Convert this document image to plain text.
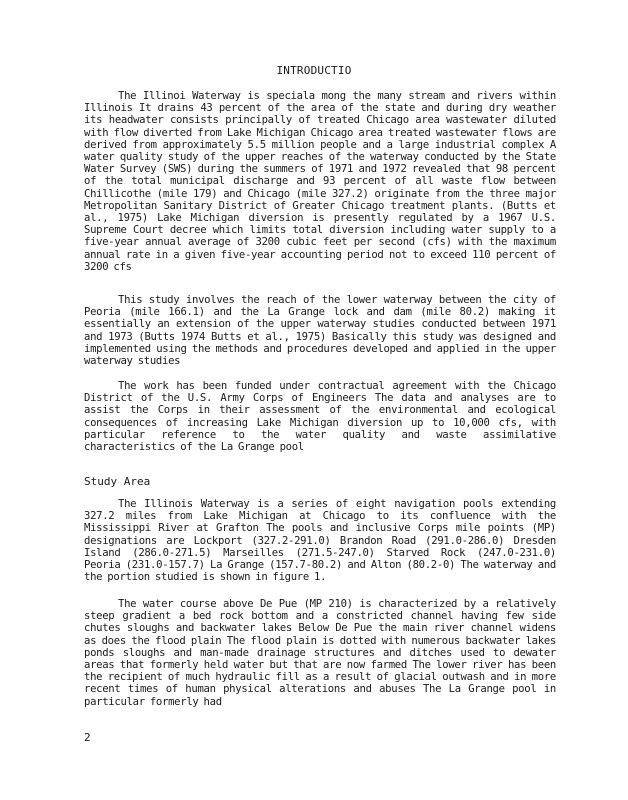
INTRODUCTIO

The Illinoi Waterway is speciala mong the many stream and rivers within Illinois It drains 43 percent of the area of the state and during dry weather its headwater consists principally of treated Chicago area wastewater diluted with flow diverted from Lake Michigan Chicago area treated wastewater flows are derived from approximately 5.5 million people and a large industrial complex A water quality study of the upper reaches of the waterway conducted by the State Water Survey (SWS) during the summers of 1971 and 1972 revealed that 98 percent of the total municipal discharge and 93 percent of all waste flow between Chillicothe (mile 179) and Chicago (mile 327.2) originate from the three major Metropolitan Sanitary District of Greater Chicago treatment plants. (Butts et al., 1975) Lake Michigan diversion is presently regulated by a 1967 U.S. Supreme Court decree which limits total diversion including water supply to a five-year annual average of 3200 cubic feet per second (cfs) with the maximum annual rate in a given five-year accounting period not to exceed 110 percent of 3200 cfs

This study involves the reach of the lower waterway between the city of Peoria (mile 166.1) and the La Grange lock and dam (mile 80.2) making it essentially an extension of the upper waterway studies conducted between 1971 and 1973 (Butts 1974 Butts et al., 1975) Basically this study was designed and implemented using the methods and procedures developed and applied in the upper waterway studies

The work has been funded under contractual agreement with the Chicago District of the U.S. Army Corps of Engineers The data and analyses are to assist the Corps in their assessment of the environmental and ecological consequences of increasing Lake Michigan diversion up to 10,000 cfs, with particular reference to the water quality and waste assimilative characteristics of the La Grange pool

Study Area

The Illinois Waterway is a series of eight navigation pools extending 327.2 miles from Lake Michigan at Chicago to its confluence with the Mississippi River at Grafton The pools and inclusive Corps mile points (MP) designations are Lockport (327.2-291.0) Brandon Road (291.0-286.0) Dresden Island (286.0-271.5) Marseilles (271.5-247.0) Starved Rock (247.0-231.0) Peoria (231.0-157.7) La Grange (157.7-80.2) and Alton (80.2-0) The waterway and the portion studied is shown in figure 1.

The water course above De Pue (MP 210) is characterized by a relatively steep gradient a bed rock bottom and a constricted channel having few side chutes sloughs and backwater lakes Below De Pue the main river channel widens as does the flood plain The flood plain is dotted with numerous backwater lakes ponds sloughs and man-made drainage structures and ditches used to dewater areas that formerly held water but that are now farmed The lower river has been the recipient of much hydraulic fill as a result of glacial outwash and in more recent times of human physical alterations and abuses The La Grange pool in particular formerly had

2
